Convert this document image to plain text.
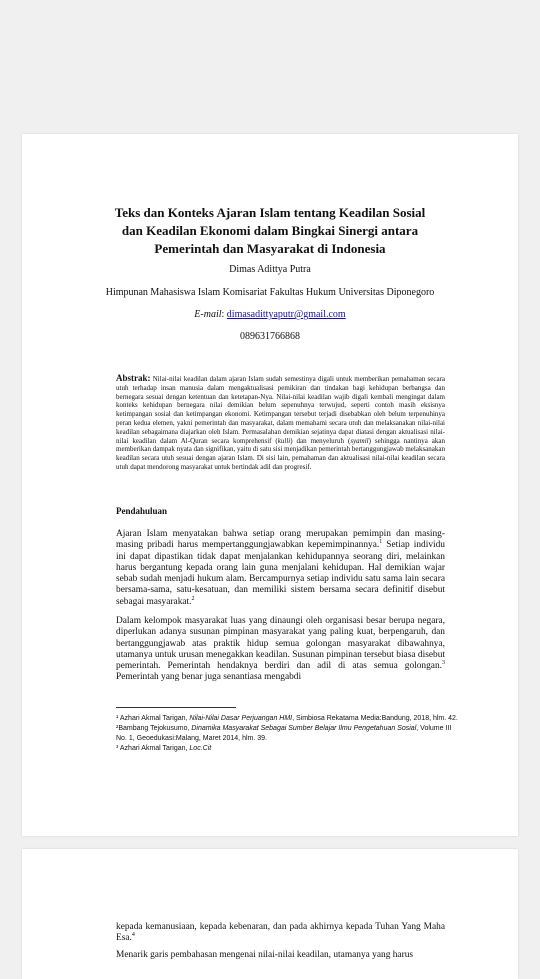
Teks dan Konteks Ajaran Islam tentang Keadilan Sosial dan Keadilan Ekonomi dalam Bingkai Sinergi antara Pemerintah dan Masyarakat di Indonesia
Dimas Adittya Putra
Himpunan Mahasiswa Islam Komisariat Fakultas Hukum Universitas Diponegoro
E-mail: dimasadittyaputr@gmail.com
089631766868
Abstrak: Nilai-nilai keadilan dalam ajaran Islam sudah semestinya digali untuk memberikan pemahaman secara utuh terhadap insan manusia dalam mengaktualisasi pemikiran dan tindakan bagi kehidupan berbangsa dan bernegara sesuai dengan ketentuan dan ketetapan-Nya. Nilai-nilai keadilan wajib digali kembali mengingat dalam konteks kehidupan bernegara nilai demikian belum sepenuhnya terwujud, seperti contoh masih eksisnya ketimpangan sosial dan ketimpangan ekonomi. Ketimpangan tersebut terjadi disebabkan oleh belum terpenuhinya peran kedua elemen, yakni pemerintah dan masyarakat, dalam memahami secara utuh dan melaksanakan nilai-nilai keadilan sebagaimana diajarkan oleh Islam. Permasalahan demikian sejatinya dapat diatasi dengan aktualisasi nilai-nilai keadilan dalam Al-Quran secara komprehensif (kulli) dan menyeluruh (syamil) sehingga nantinya akan memberikan dampak nyata dan signifikan, yaitu di satu sisi menjadikan pemerintah bertanggungjawab melaksanakan keadilan secara utuh sesuai dengan ajaran Islam. Di sisi lain, pemahaman dan aktualisasi nilai-nilai keadilan secara utuh dapat mendorong masyarakat untuk bertindak adil dan progresif.
Pendahuluan
Ajaran Islam menyatakan bahwa setiap orang merupakan pemimpin dan masing-masing pribadi harus mempertanggungjawabkan kepemimpinannya.$^1$ Setiap individu ini dapat dipastikan tidak dapat menjalankan kehidupannya seorang diri, melainkan harus bergantung kepada orang lain guna menjalani kehidupan. Hal demikian wajar sebab sudah menjadi hukum alam. Bercampurnya setiap individu satu sama lain secara bersama-sama, satu-kesatuan, dan memiliki sistem bersama secara definitif disebut sebagai masyarakat.$^2$
Dalam kelompok masyarakat luas yang dinaungi oleh organisasi besar berupa negara, diperlukan adanya susunan pimpinan masyarakat yang paling kuat, berpengaruh, dan bertanggungjawab atas praktik hidup semua golongan masyarakat dibawahnya, utamanya untuk urusan menegakkan keadilan. Susunan pimpinan tersebut biasa disebut pemerintah. Pemerintah hendaknya berdiri dan adil di atas semua golongan.$^3$ Pemerintah yang benar juga senantiasa mengabdi
¹ Azhari Akmal Tarigan, Nilai-Nilai Dasar Perjuangan HMI, Simbiosa Rekatama Media:Bandung, 2018, hlm. 42.
²Bambang Tejokusumo, Dinamika Masyarakat Sebagai Sumber Belajar Ilmu Pengetahuan Sosial, Volume III No. 1, Geoedukasi:Malang, Maret 2014, hlm. 39.
³ Azhari Akmal Tarigan, Loc.Cit
kepada kemanusiaan, kepada kebenaran, dan pada akhirnya kepada Tuhan Yang Maha Esa.$^4$
Menarik garis pembahasan mengenai nilai-nilai keadilan, utamanya yang harus
